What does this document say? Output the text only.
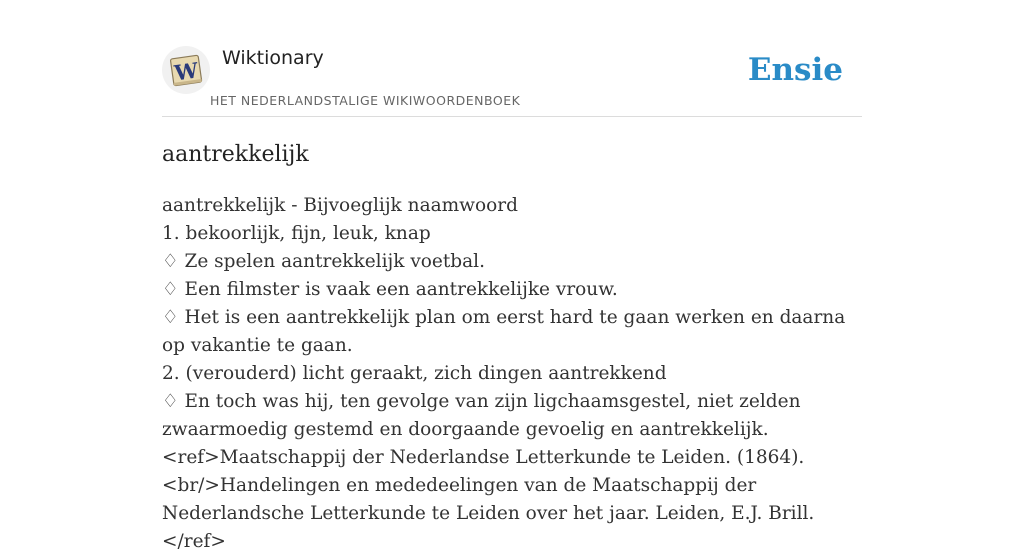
W Wiktionary
HET NEDERLANDSTALIGE WIKIWOORDENBOEK
Ensie
aantrekkelijk

aantrekkelijk - Bijvoeglijk naamwoord

1. bekoorlijk, fijn, leuk, knap

♢ Ze spelen aantrekkelijk voetbal.

♢ Een filmster is vaak een aantrekkelijke vrouw.

♢ Het is een aantrekkelijk plan om eerst hard te gaan werken en daarna op vakantie te gaan.

2. (verouderd) licht geraakt, zich dingen aantrekkend

♢ En toch was hij, ten gevolge van zijn ligchaamsgestel, niet zelden zwaarmoedig gestemd en doorgaande gevoelig en aantrekkelijk.<ref>Maatschappij der Nederlandse Letterkunde te Leiden. (1864).<br/>Handelingen en mededeelingen van de Maatschappij der Nederlandsche Letterkunde te Leiden over het jaar. Leiden, E.J. Brill.</ref>
